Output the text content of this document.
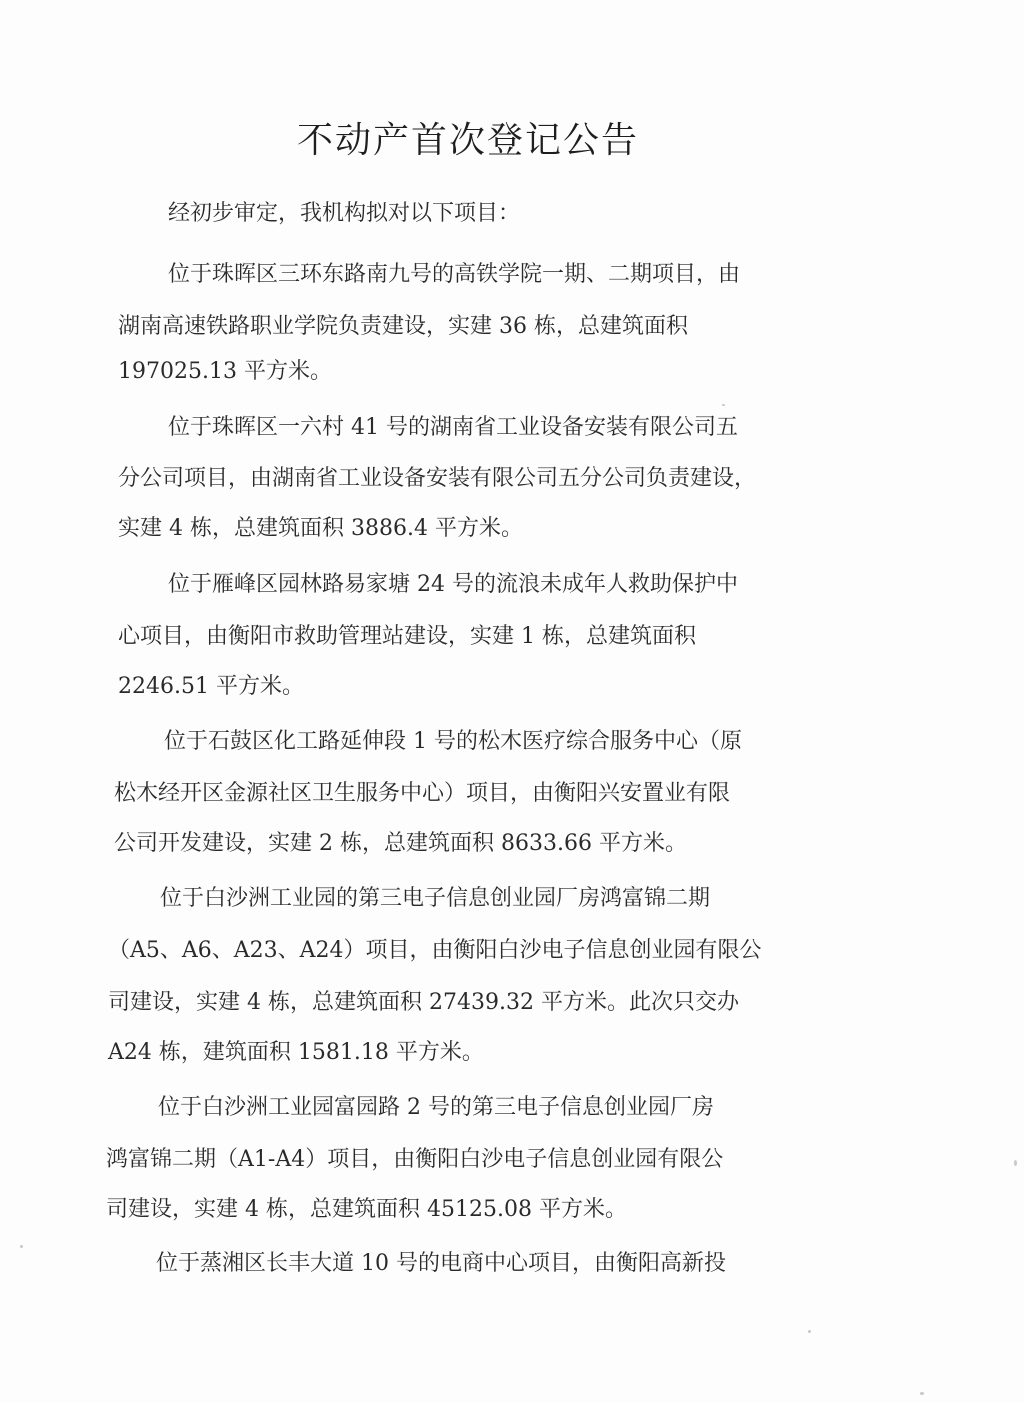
不动产首次登记公告
经初步审定，我机构拟对以下项目：
位于珠晖区三环东路南九号的高铁学院一期、二期项目，由
湖南高速铁路职业学院负责建设，实建 36 栋，总建筑面积
197025.13 平方米。
位于珠晖区一六村 41 号的湖南省工业设备安装有限公司五
分公司项目，由湖南省工业设备安装有限公司五分公司负责建设，
实建 4 栋，总建筑面积 3886.4 平方米。
位于雁峰区园林路易家塘 24 号的流浪未成年人救助保护中
心项目，由衡阳市救助管理站建设，实建 1 栋，总建筑面积
2246.51 平方米。
位于石鼓区化工路延伸段 1 号的松木医疗综合服务中心（原
松木经开区金源社区卫生服务中心）项目，由衡阳兴安置业有限
公司开发建设，实建 2 栋，总建筑面积 8633.66 平方米。
位于白沙洲工业园的第三电子信息创业园厂房鸿富锦二期
（A5、A6、A23、A24）项目，由衡阳白沙电子信息创业园有限公
司建设，实建 4 栋，总建筑面积 27439.32 平方米。此次只交办
A24 栋，建筑面积 1581.18 平方米。
位于白沙洲工业园富园路 2 号的第三电子信息创业园厂房
鸿富锦二期（A1-A4）项目，由衡阳白沙电子信息创业园有限公
司建设，实建 4 栋，总建筑面积 45125.08 平方米。
位于蒸湘区长丰大道 10 号的电商中心项目，由衡阳高新投
